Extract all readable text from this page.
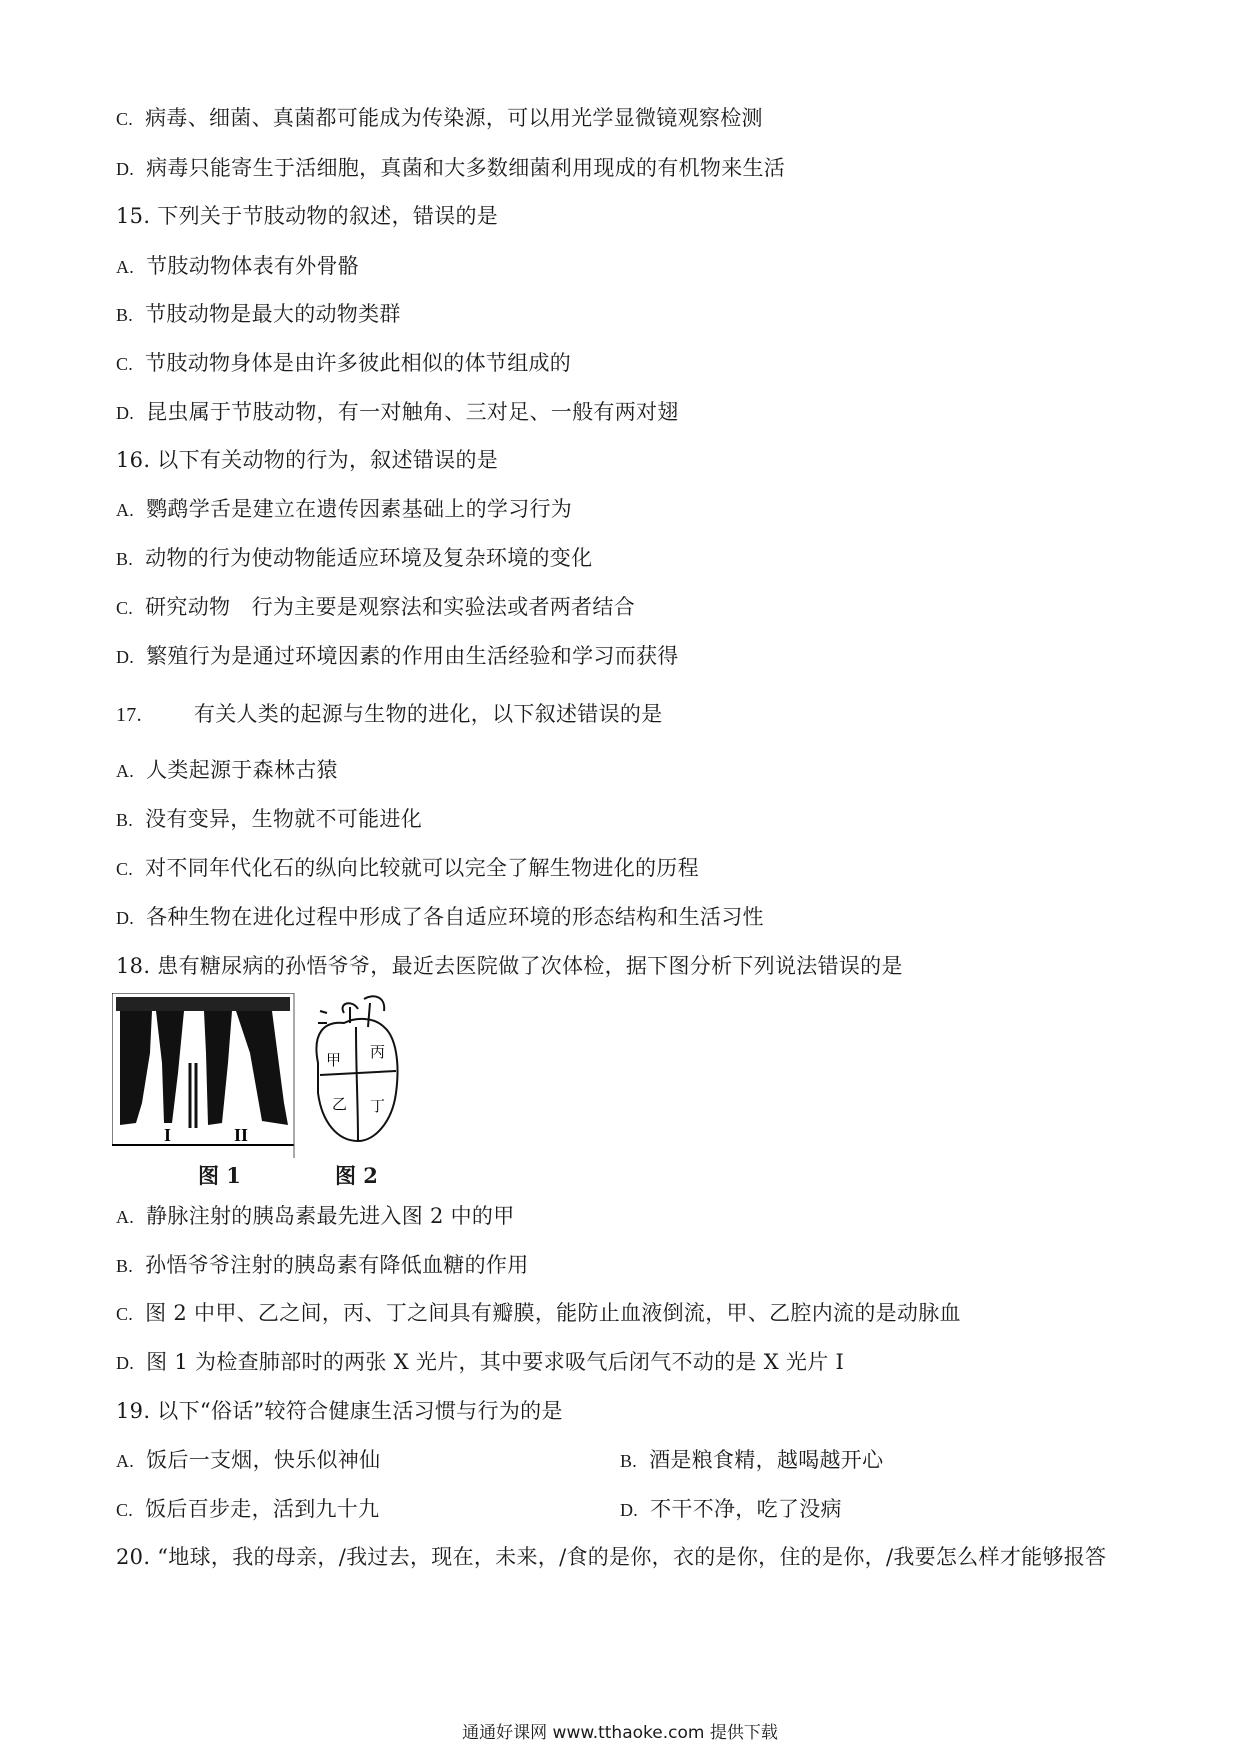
C. 病毒、细菌、真菌都可能成为传染源，可以用光学显微镜观察检测
D. 病毒只能寄生于活细胞，真菌和大多数细菌利用现成的有机物来生活
15. 下列关于节肢动物的叙述，错误的是
A. 节肢动物体表有外骨骼
B. 节肢动物是最大的动物类群
C. 节肢动物身体是由许多彼此相似的体节组成的
D. 昆虫属于节肢动物，有一对触角、三对足、一般有两对翅
16. 以下有关动物的行为，叙述错误的是
A. 鹦鹉学舌是建立在遗传因素基础上的学习行为
B. 动物的行为使动物能适应环境及复杂环境的变化
C. 研究动物　行为主要是观察法和实验法或者两者结合
D. 繁殖行为是通过环境因素的作用由生活经验和学习而获得
17. 有关人类的起源与生物的进化，以下叙述错误的是
A. 人类起源于森林古猿
B. 没有变异，生物就不可能进化
C. 对不同年代化石的纵向比较就可以完全了解生物进化的历程
D. 各种生物在进化过程中形成了各自适应环境的形态结构和生活习性
18. 患有糖尿病的孙悟爷爷，最近去医院做了次体检，据下图分析下列说法错误的是
I	II
甲
乙
丙
丁
图 1	图 2
A. 静脉注射的胰岛素最先进入图 2 中的甲
B. 孙悟爷爷注射的胰岛素有降低血糖的作用
C. 图 2 中甲、乙之间，丙、丁之间具有瓣膜，能防止血液倒流，甲、乙腔内流的是动脉血
D. 图 1 为检查肺部时的两张 X 光片，其中要求吸气后闭气不动的是 X 光片 I
19. 以下“俗话”较符合健康生活习惯与行为的是
A. 饭后一支烟，快乐似神仙	B. 酒是粮食精，越喝越开心
C. 饭后百步走，活到九十九	D. 不干不净，吃了没病
20. “地球，我的母亲，/我过去，现在，未来，/食的是你，衣的是你，住的是你，/我要怎么样才能够报答
通通好课网 www.tthaoke.com 提供下载
